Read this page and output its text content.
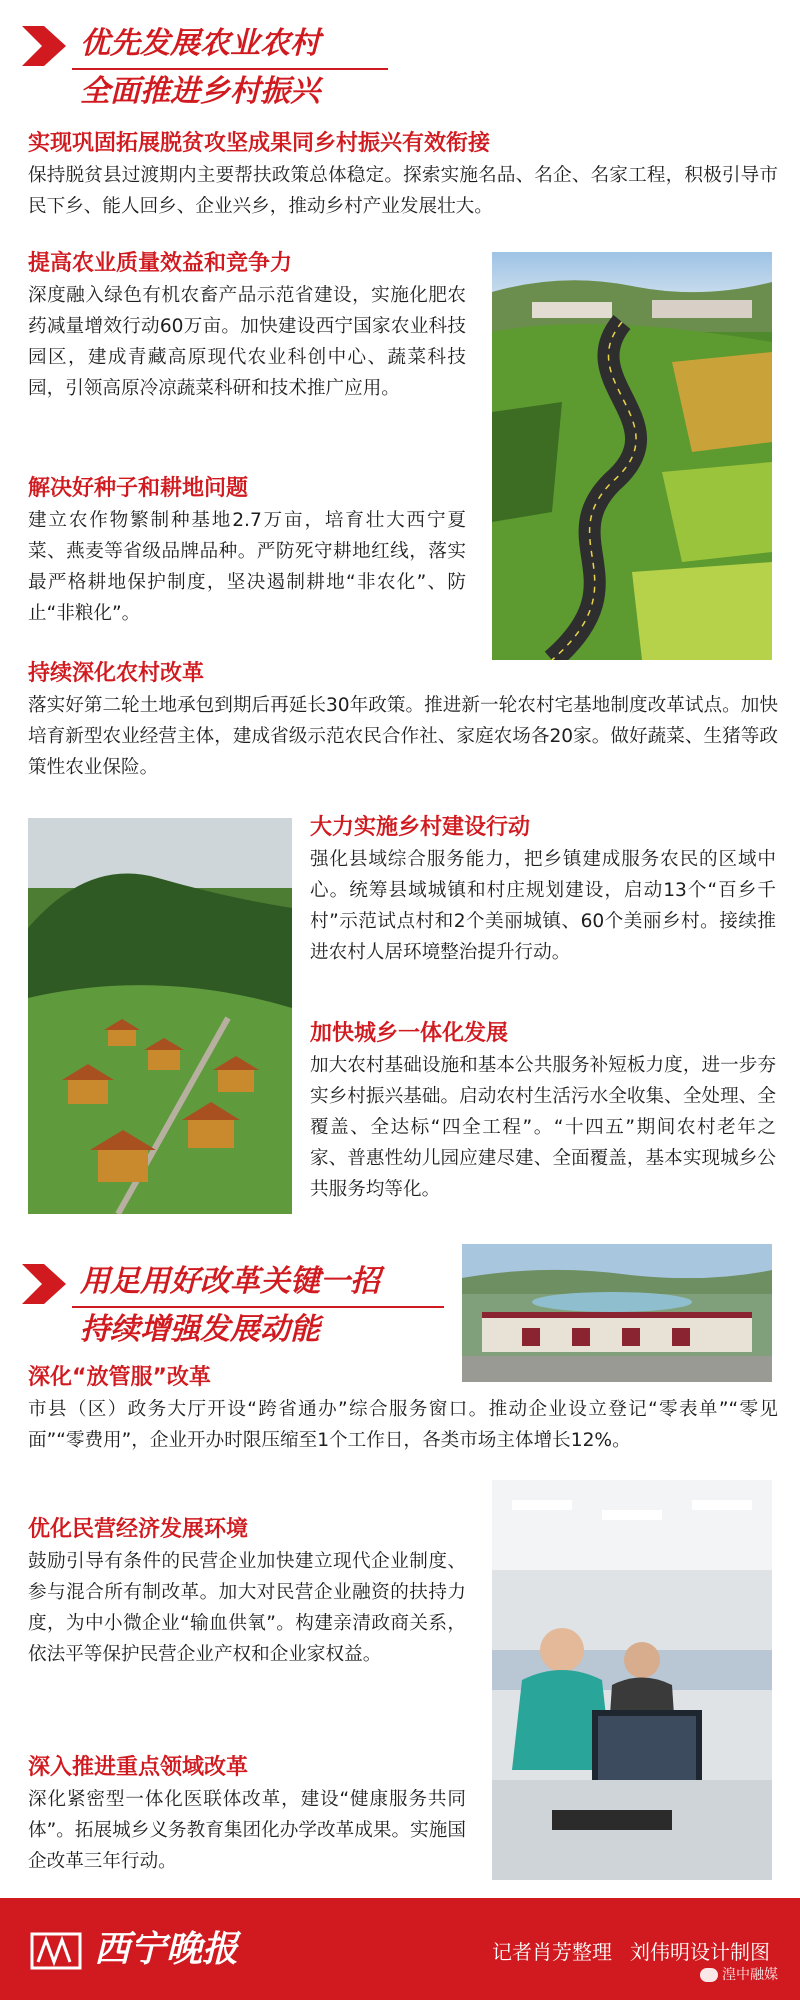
优先发展农业农村
全面推进乡村振兴
实现巩固拓展脱贫攻坚成果同乡村振兴有效衔接
保持脱贫县过渡期内主要帮扶政策总体稳定。探索实施名品、名企、名家工程，积极引导市民下乡、能人回乡、企业兴乡，推动乡村产业发展壮大。
提高农业质量效益和竞争力
深度融入绿色有机农畜产品示范省建设，实施化肥农药减量增效行动60万亩。加快建设西宁国家农业科技园区，建成青藏高原现代农业科创中心、蔬菜科技园，引领高原冷凉蔬菜科研和技术推广应用。
解决好种子和耕地问题
建立农作物繁制种基地2.7万亩，培育壮大西宁夏菜、燕麦等省级品牌品种。严防死守耕地红线，落实最严格耕地保护制度，坚决遏制耕地“非农化”、防止“非粮化”。
持续深化农村改革
落实好第二轮土地承包到期后再延长30年政策。推进新一轮农村宅基地制度改革试点。加快培育新型农业经营主体，建成省级示范农民合作社、家庭农场各20家。做好蔬菜、生猪等政策性农业保险。
大力实施乡村建设行动
强化县域综合服务能力，把乡镇建成服务农民的区域中心。统筹县域城镇和村庄规划建设，启动13个“百乡千村”示范试点村和2个美丽城镇、60个美丽乡村。接续推进农村人居环境整治提升行动。
加快城乡一体化发展
加大农村基础设施和基本公共服务补短板力度，进一步夯实乡村振兴基础。启动农村生活污水全收集、全处理、全覆盖、全达标“四全工程”。“十四五”期间农村老年之家、普惠性幼儿园应建尽建、全面覆盖，基本实现城乡公共服务均等化。
用足用好改革关键一招
持续增强发展动能
深化“放管服”改革
市县（区）政务大厅开设“跨省通办”综合服务窗口。推动企业设立登记“零表单”“零见面”“零费用”，企业开办时限压缩至1个工作日，各类市场主体增长12%。
优化民营经济发展环境
鼓励引导有条件的民营企业加快建立现代企业制度、参与混合所有制改革。加大对民营企业融资的扶持力度，为中小微企业“输血供氧”。构建亲清政商关系，依法平等保护民营企业产权和企业家权益。
深入推进重点领域改革
深化紧密型一体化医联体改革，建设“健康服务共同体”。拓展城乡义务教育集团化办学改革成果。实施国企改革三年行动。
西宁晚报	记者肖芳整理 刘伟明设计制图
湟中融媒
